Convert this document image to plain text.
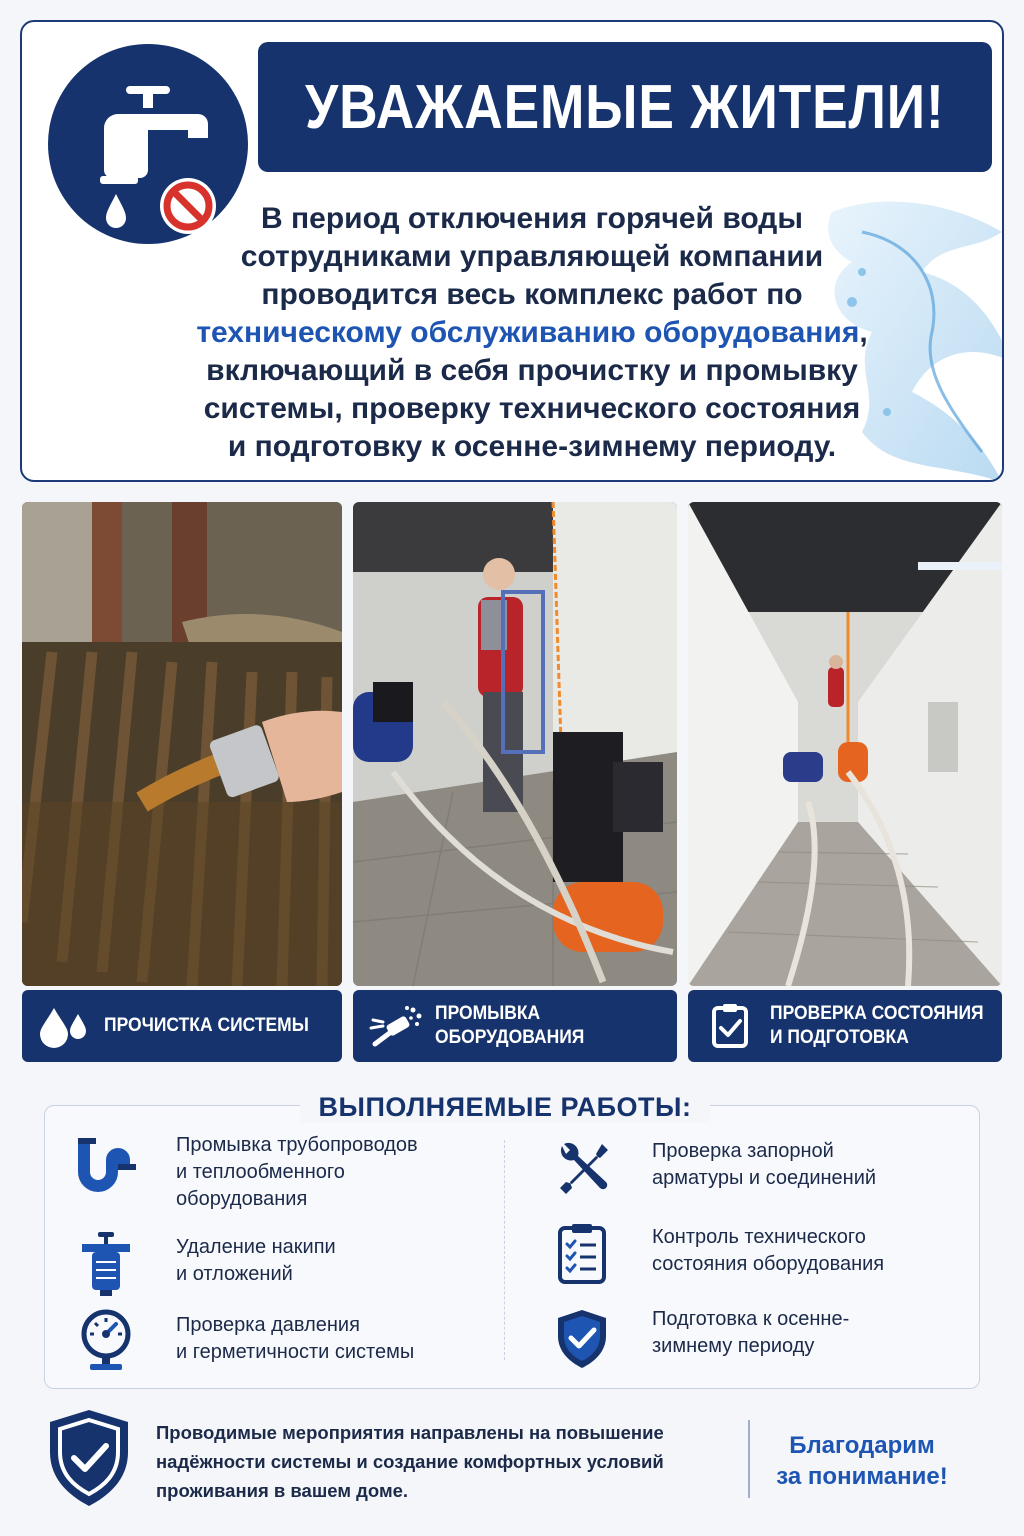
УВАЖАЕМЫЕ ЖИТЕЛИ!
В период отключения горячей воды
сотрудниками управляющей компании
проводится весь комплекс работ по
техническому обслуживанию оборудования,
включающий в себя прочистку и промывку
системы, проверку технического состояния
и подготовку к осенне-зимнему периоду.
ПРОЧИСТКА СИСТЕМЫ
ПРОМЫВКА
ОБОРУДОВАНИЯ
ПРОВЕРКА СОСТОЯНИЯ
И ПОДГОТОВКА
ВЫПОЛНЯЕМЫЕ РАБОТЫ:
Промывка трубопроводов
и теплообменного
оборудования
Удаление накипи
и отложений
Проверка давления
и герметичности системы
Проверка запорной
арматуры и соединений
Контроль технического
состояния оборудования
Подготовка к осенне-
зимнему периоду
Проводимые мероприятия направлены на повышение
надёжности системы и создание комфортных условий
проживания в вашем доме.
Благодарим
за понимание!
